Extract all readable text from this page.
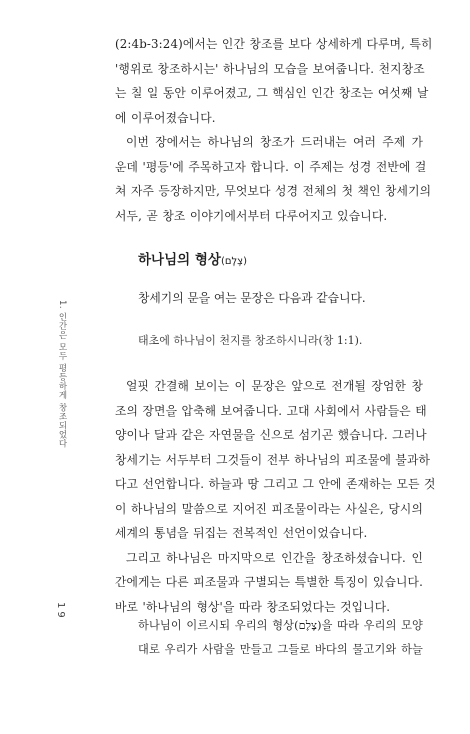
1. 인간은 모두 평등하게 창조되었다
19

(2:4b-3:24)에서는 인간 창조를 보다 상세하게 다루며, 특히
'행위로 창조하시는' 하나님의 모습을 보여줍니다. 천지창조
는 칠 일 동안 이루어졌고, 그 핵심인 인간 창조는 여섯째 날
에 이루어졌습니다.

이번 장에서는 하나님의 창조가 드러내는 여러 주제 가
운데 '평등'에 주목하고자 합니다. 이 주제는 성경 전반에 걸
쳐 자주 등장하지만, 무엇보다 성경 전체의 첫 책인 창세기의
서두, 곧 창조 이야기에서부터 다루어지고 있습니다.

하나님의 형상(צֶלֶם)
창세기의 문을 여는 문장은 다음과 같습니다.
태초에 하나님이 천지를 창조하시니라(창 1:1).

얼핏 간결해 보이는 이 문장은 앞으로 전개될 장엄한 창
조의 장면을 압축해 보여줍니다. 고대 사회에서 사람들은 태
양이나 달과 같은 자연물을 신으로 섬기곤 했습니다. 그러나
창세기는 서두부터 그것들이 전부 하나님의 피조물에 불과하
다고 선언합니다. 하늘과 땅 그리고 그 안에 존재하는 모든 것
이 하나님의 말씀으로 지어진 피조물이라는 사실은, 당시의
세계의 통념을 뒤집는 전복적인 선언이었습니다.

그리고 하나님은 마지막으로 인간을 창조하셨습니다. 인
간에게는 다른 피조물과 구별되는 특별한 특징이 있습니다.
바로 '하나님의 형상'을 따라 창조되었다는 것입니다.

하나님이 이르시되 우리의 형상(צֶלֶם)을 따라 우리의 모양
대로 우리가 사람을 만들고 그들로 바다의 물고기와 하늘
